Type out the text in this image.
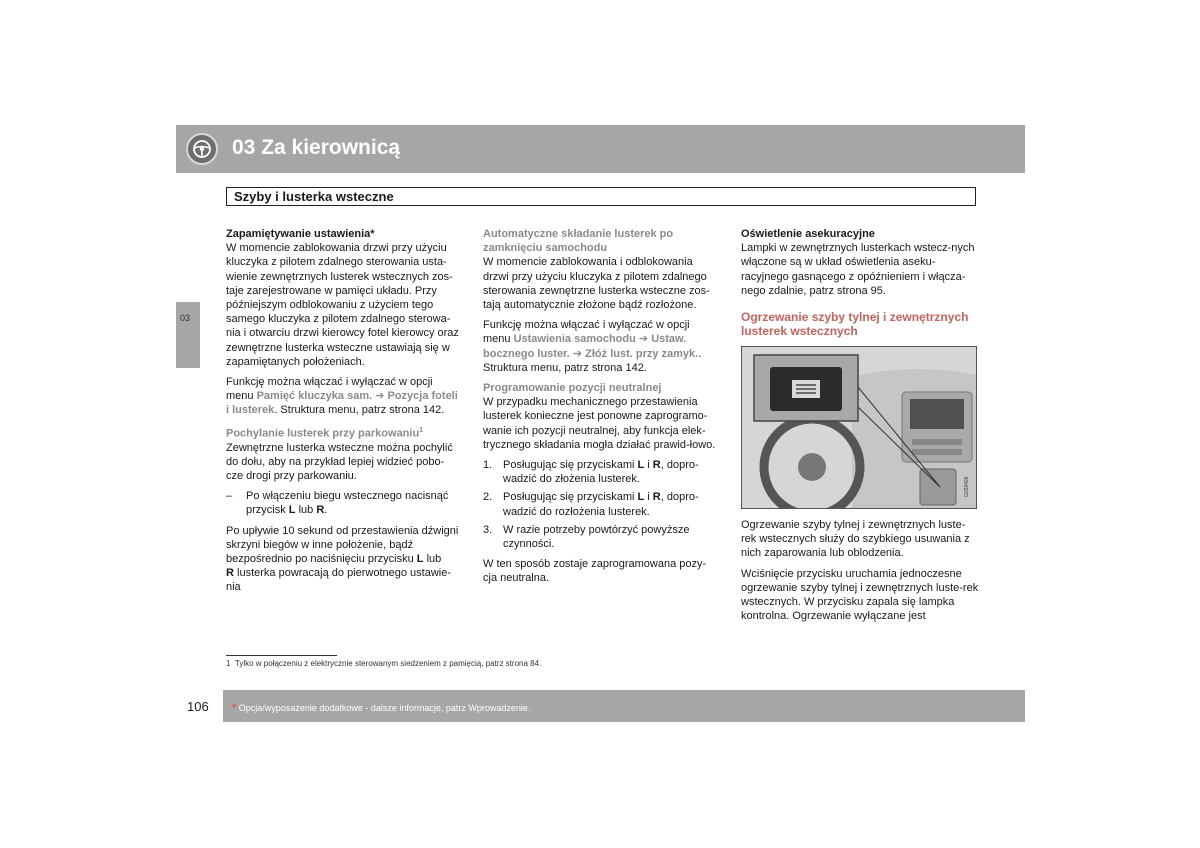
03 Za kierownicą
Szyby i lusterka wsteczne
03
Zapamiętywanie ustawienia*

W momencie zablokowania drzwi przy użyciu kluczyka z pilotem zdalnego sterowania usta-wienie zewnętrznych lusterek wstecznych zos-taje zarejestrowane w pamięci układu. Przy późniejszym odblokowaniu z użyciem tego samego kluczyka z pilotem zdalnego sterowa-nia i otwarciu drzwi kierowcy fotel kierowcy oraz zewnętrzne lusterka wsteczne ustawiają się w zapamiętanych położeniach.

Funkcję można włączać i wyłączać w opcji menu Pamięć kluczyka sam. ➔ Pozycja foteli i lusterek. Struktura menu, patrz strona 142.

Pochylanie lusterek przy parkowaniu$^1$

Zewnętrzne lusterka wsteczne można pochylić do dołu, aby na przykład lepiej widzieć pobo-cze drogi przy parkowaniu.

– Po włączeniu biegu wstecznego nacisnąć przycisk L lub R.

Po upływie 10 sekund od przestawienia dźwigni skrzyni biegów w inne położenie, bądź bezpośrednio po naciśnięciu przycisku L lub
R lusterka powracają do pierwotnego ustawie-nia

Automatyczne składanie lusterek po zamknięciu samochodu

W momencie zablokowania i odblokowania drzwi przy użyciu kluczyka z pilotem zdalnego sterowania zewnętrzne lusterka wsteczne zos-tają automatycznie złożone bądź rozłożone.

Funkcję można włączać i wyłączać w opcji menu Ustawienia samochodu ➔ Ustaw. bocznego luster. ➔ Złóż lust. przy zamyk.. Struktura menu, patrz strona 142.

Programowanie pozycji neutralnej

W przypadku mechanicznego przestawienia lusterek konieczne jest ponowne zaprogramo-wanie ich pozycji neutralnej, aby funkcja elek-trycznego składania mogła działać prawid-łowo.

1. Posługując się przyciskami L i R, dopro-wadzić do złożenia lusterek.
2. Posługując się przyciskami L i R, dopro-wadzić do rozłożenia lusterek.
3. W razie potrzeby powtórzyć powyższe czynności.

W ten sposób zostaje zaprogramowana pozy-cja neutralna.

Oświetlenie asekuracyjne

Lampki w zewnętrznych lusterkach wstecz-nych włączone są w układ oświetlenia aseku-racyjnego gasnącego z opóźnieniem i włącza-nego zdalnie, patrz strona 95.

Ogrzewanie szyby tylnej i zewnętrznych lusterek wstecznych
G020426

Ogrzewanie szyby tylnej i zewnętrznych luste-rek wstecznych służy do szybkiego usuwania z nich zaparowania lub oblodzenia.

Wciśnięcie przycisku uruchamia jednoczesne ogrzewanie szyby tylnej i zewnętrznych luste-rek wstecznych. W przycisku zapala się lampka kontrolna. Ogrzewanie wyłączane jest

1 Tylko w połączeniu z elektrycznie sterowanym siedzeniem z pamięcią, patrz strona 84.
106 * Opcja/wyposażenie dodatkowe - dalsze informacje, patrz Wprowadzenie.
